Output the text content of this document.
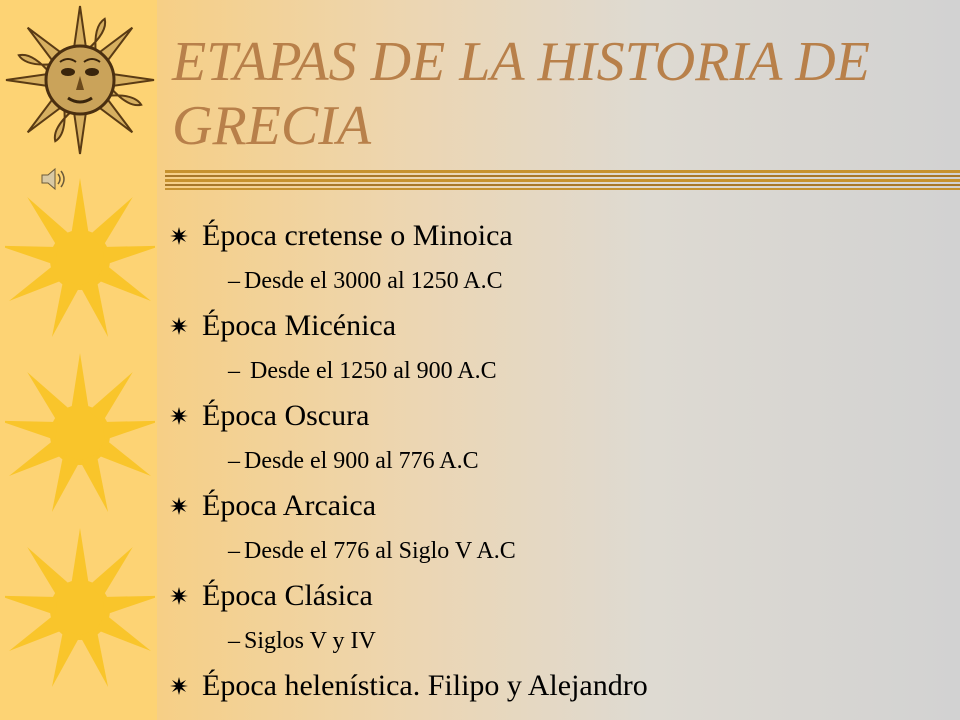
ETAPAS DE LA HISTORIA DE GRECIA
Época cretense o Minoica
– Desde el 3000 al 1250 A.C
Época Micénica
– Desde el 1250 al 900 A.C
Época Oscura
– Desde el 900 al 776 A.C
Época Arcaica
– Desde el 776 al Siglo V A.C
Época Clásica
– Siglos V y IV
Época helenística. Filipo y Alejandro
